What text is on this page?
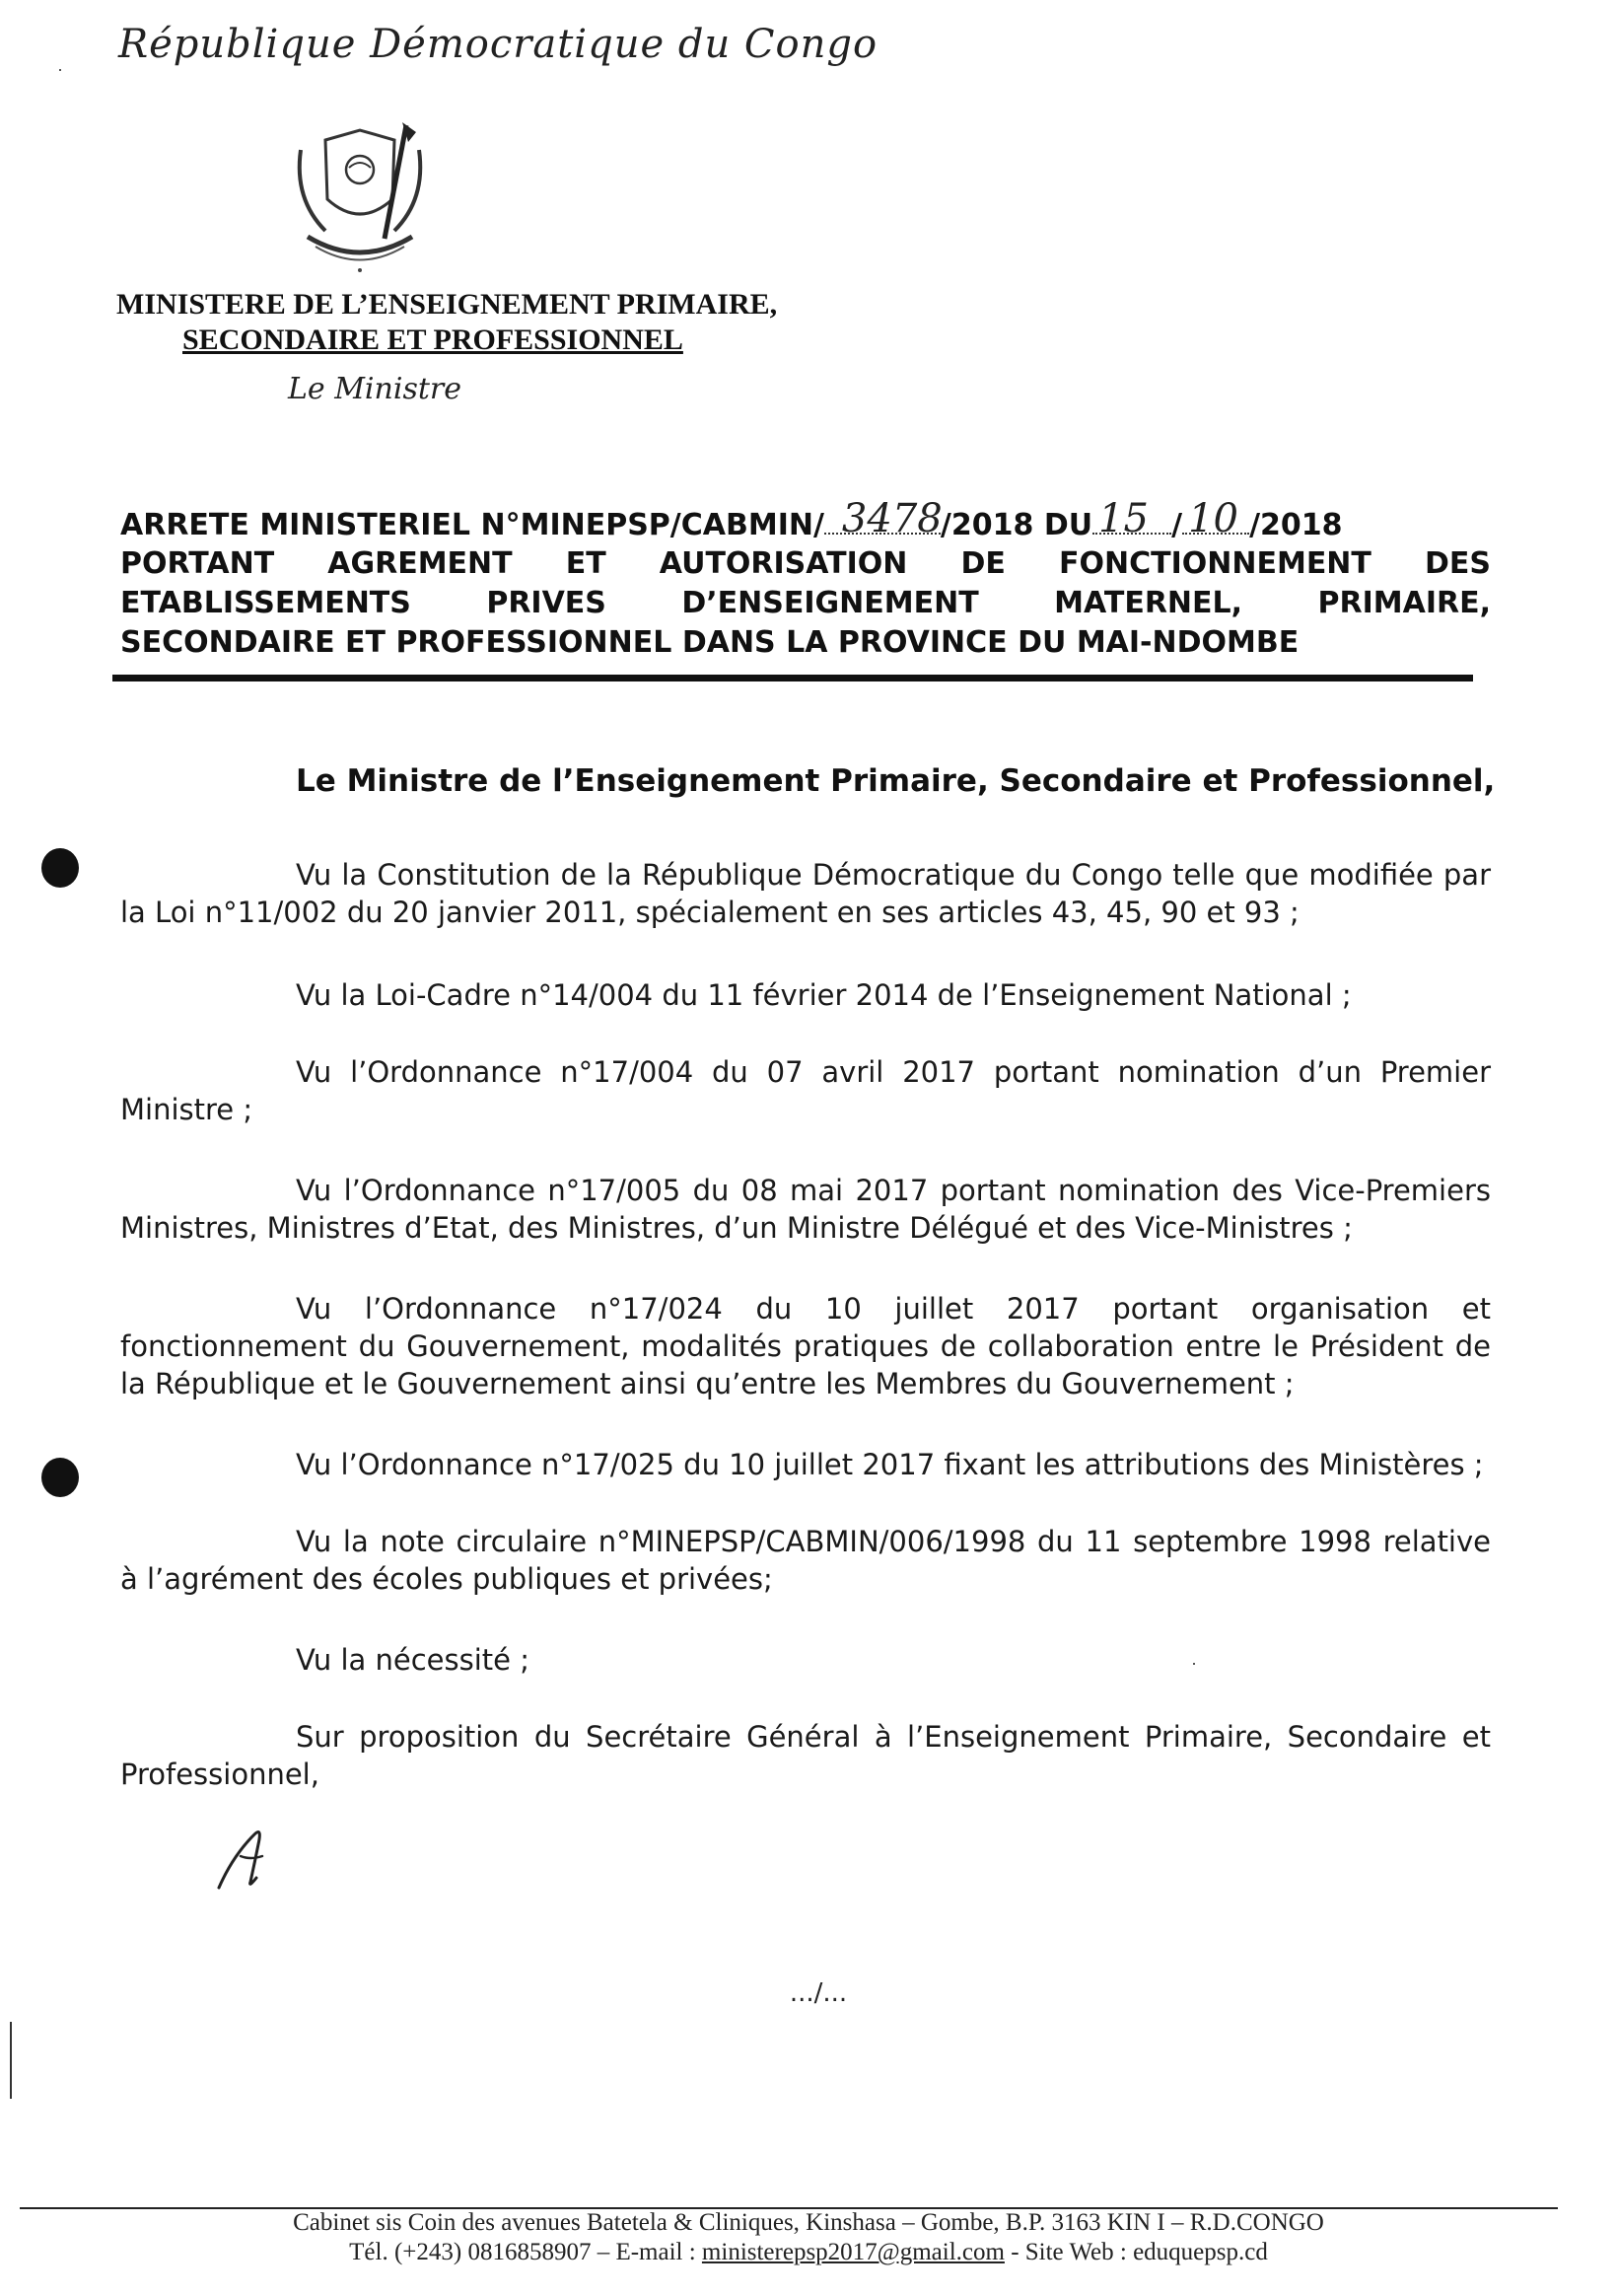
République Démocratique du Congo
MINISTERE DE L’ENSEIGNEMENT PRIMAIRE,
SECONDAIRE ET PROFESSIONNEL
Le Ministre
ARRETE MINISTERIEL N°MINEPSP/CABMIN/ 3478
/2018 DU 15 / 10 /2018
PORTANT AGREMENT ET AUTORISATION DE FONCTIONNEMENT DES
ETABLISSEMENTS PRIVES D’ENSEIGNEMENT MATERNEL, PRIMAIRE,
SECONDAIRE ET PROFESSIONNEL DANS LA PROVINCE DU MAI-NDOMBE
Le Ministre de l’Enseignement Primaire, Secondaire et Professionnel,
Vu la Constitution de la République Démocratique du Congo telle que modifiée par la Loi n°11/002 du 20 janvier 2011, spécialement en ses articles 43, 45, 90 et 93 ;
Vu la Loi-Cadre n°14/004 du 11 février 2014 de l’Enseignement National ;
Vu l’Ordonnance n°17/004 du 07 avril 2017 portant nomination d’un Premier Ministre ;
Vu l’Ordonnance n°17/005 du 08 mai 2017 portant nomination des Vice-Premiers Ministres, Ministres d’Etat, des Ministres, d’un Ministre Délégué et des Vice-Ministres ;
Vu l’Ordonnance n°17/024 du 10 juillet 2017 portant organisation et fonctionnement du Gouvernement, modalités pratiques de collaboration entre le Président de la République et le Gouvernement ainsi qu’entre les Membres du Gouvernement ;
Vu l’Ordonnance n°17/025 du 10 juillet 2017 fixant les attributions des Ministères ;
Vu la note circulaire n°MINEPSP/CABMIN/006/1998 du 11 septembre 1998 relative à l’agrément des écoles publiques et privées;
Vu la nécessité ;
Sur proposition du Secrétaire Général à l’Enseignement Primaire, Secondaire et Professionnel,
.../...
Cabinet sis Coin des avenues Batetela & Cliniques, Kinshasa – Gombe, B.P. 3163 KIN I – R.D.CONGO
Tél. (+243) 0816858907 – E-mail : ministerepsp2017@gmail.com - Site Web : eduquepsp.cd
